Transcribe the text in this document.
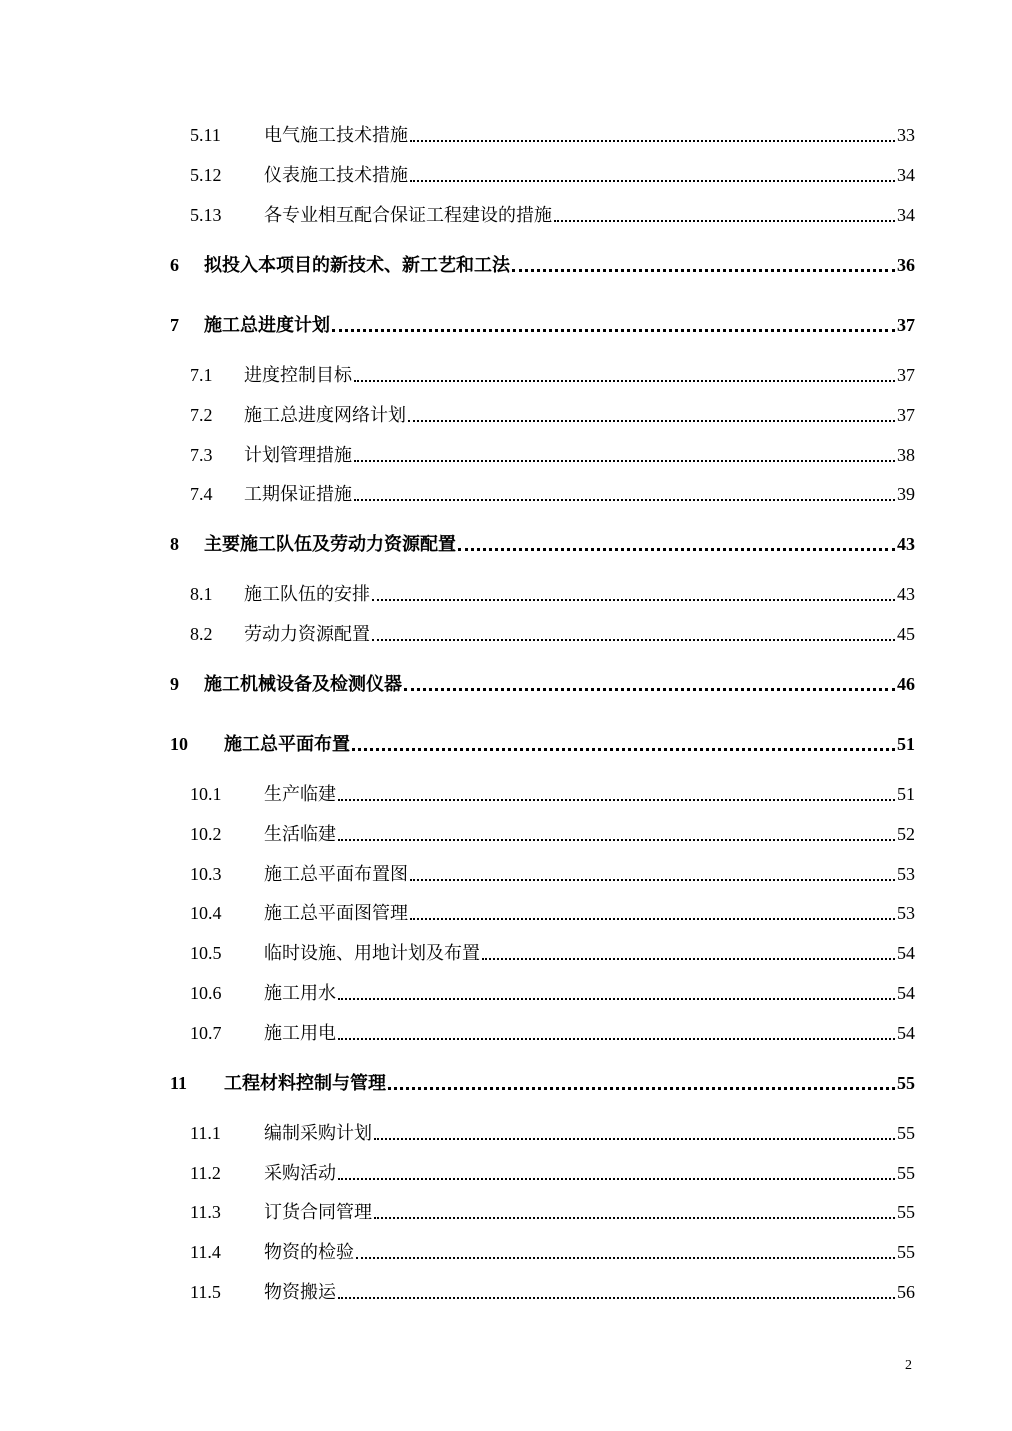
5.11	电气施工技术措施	33
5.12	仪表施工技术措施	34
5.13	各专业相互配合保证工程建设的措施	34
6	拟投入本项目的新技术、新工艺和工法	36
7	施工总进度计划	37
7.1	进度控制目标	37
7.2	施工总进度网络计划	37
7.3	计划管理措施	38
7.4	工期保证措施	39
8	主要施工队伍及劳动力资源配置	43
8.1	施工队伍的安排	43
8.2	劳动力资源配置	45
9	施工机械设备及检测仪器	46
10	施工总平面布置	51
10.1	生产临建	51
10.2	生活临建	52
10.3	施工总平面布置图	53
10.4	施工总平面图管理	53
10.5	临时设施、用地计划及布置	54
10.6	施工用水	54
10.7	施工用电	54
11	工程材料控制与管理	55
11.1	编制采购计划	55
11.2	采购活动	55
11.3	订货合同管理	55
11.4	物资的检验	55
11.5	物资搬运	56
2
